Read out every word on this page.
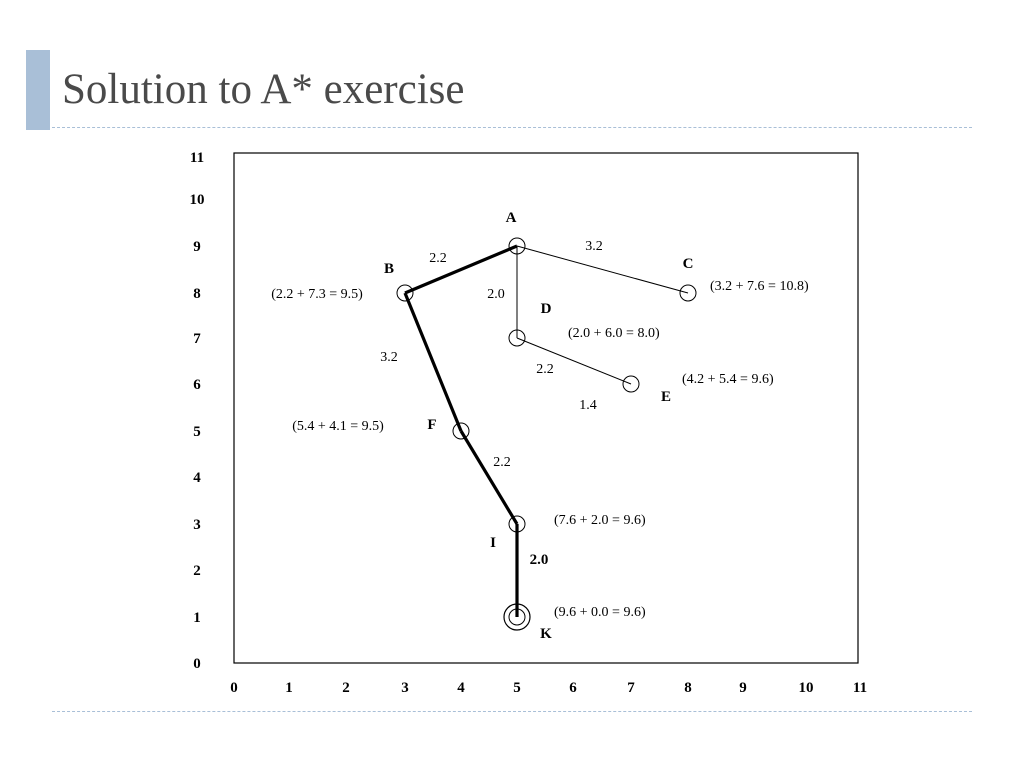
Solution to A* exercise
0	1	2	3	4	5	6	7	8	9	10	11
0
1
2
3
4
5
6
7
8
9
10
11
2.2
3.2
2.0
2.2
3.2
2.2
2.0
A
B	C
D
E
F
I
K
(2.2 + 7.3 = 9.5)
(3.2 + 7.6 = 10.8)
(2.0 + 6.0 = 8.0)
(4.2 + 5.4 = 9.6)
(5.4 + 4.1 = 9.5)
(7.6 + 2.0 = 9.6)
(9.6 + 0.0 = 9.6)
1.4
